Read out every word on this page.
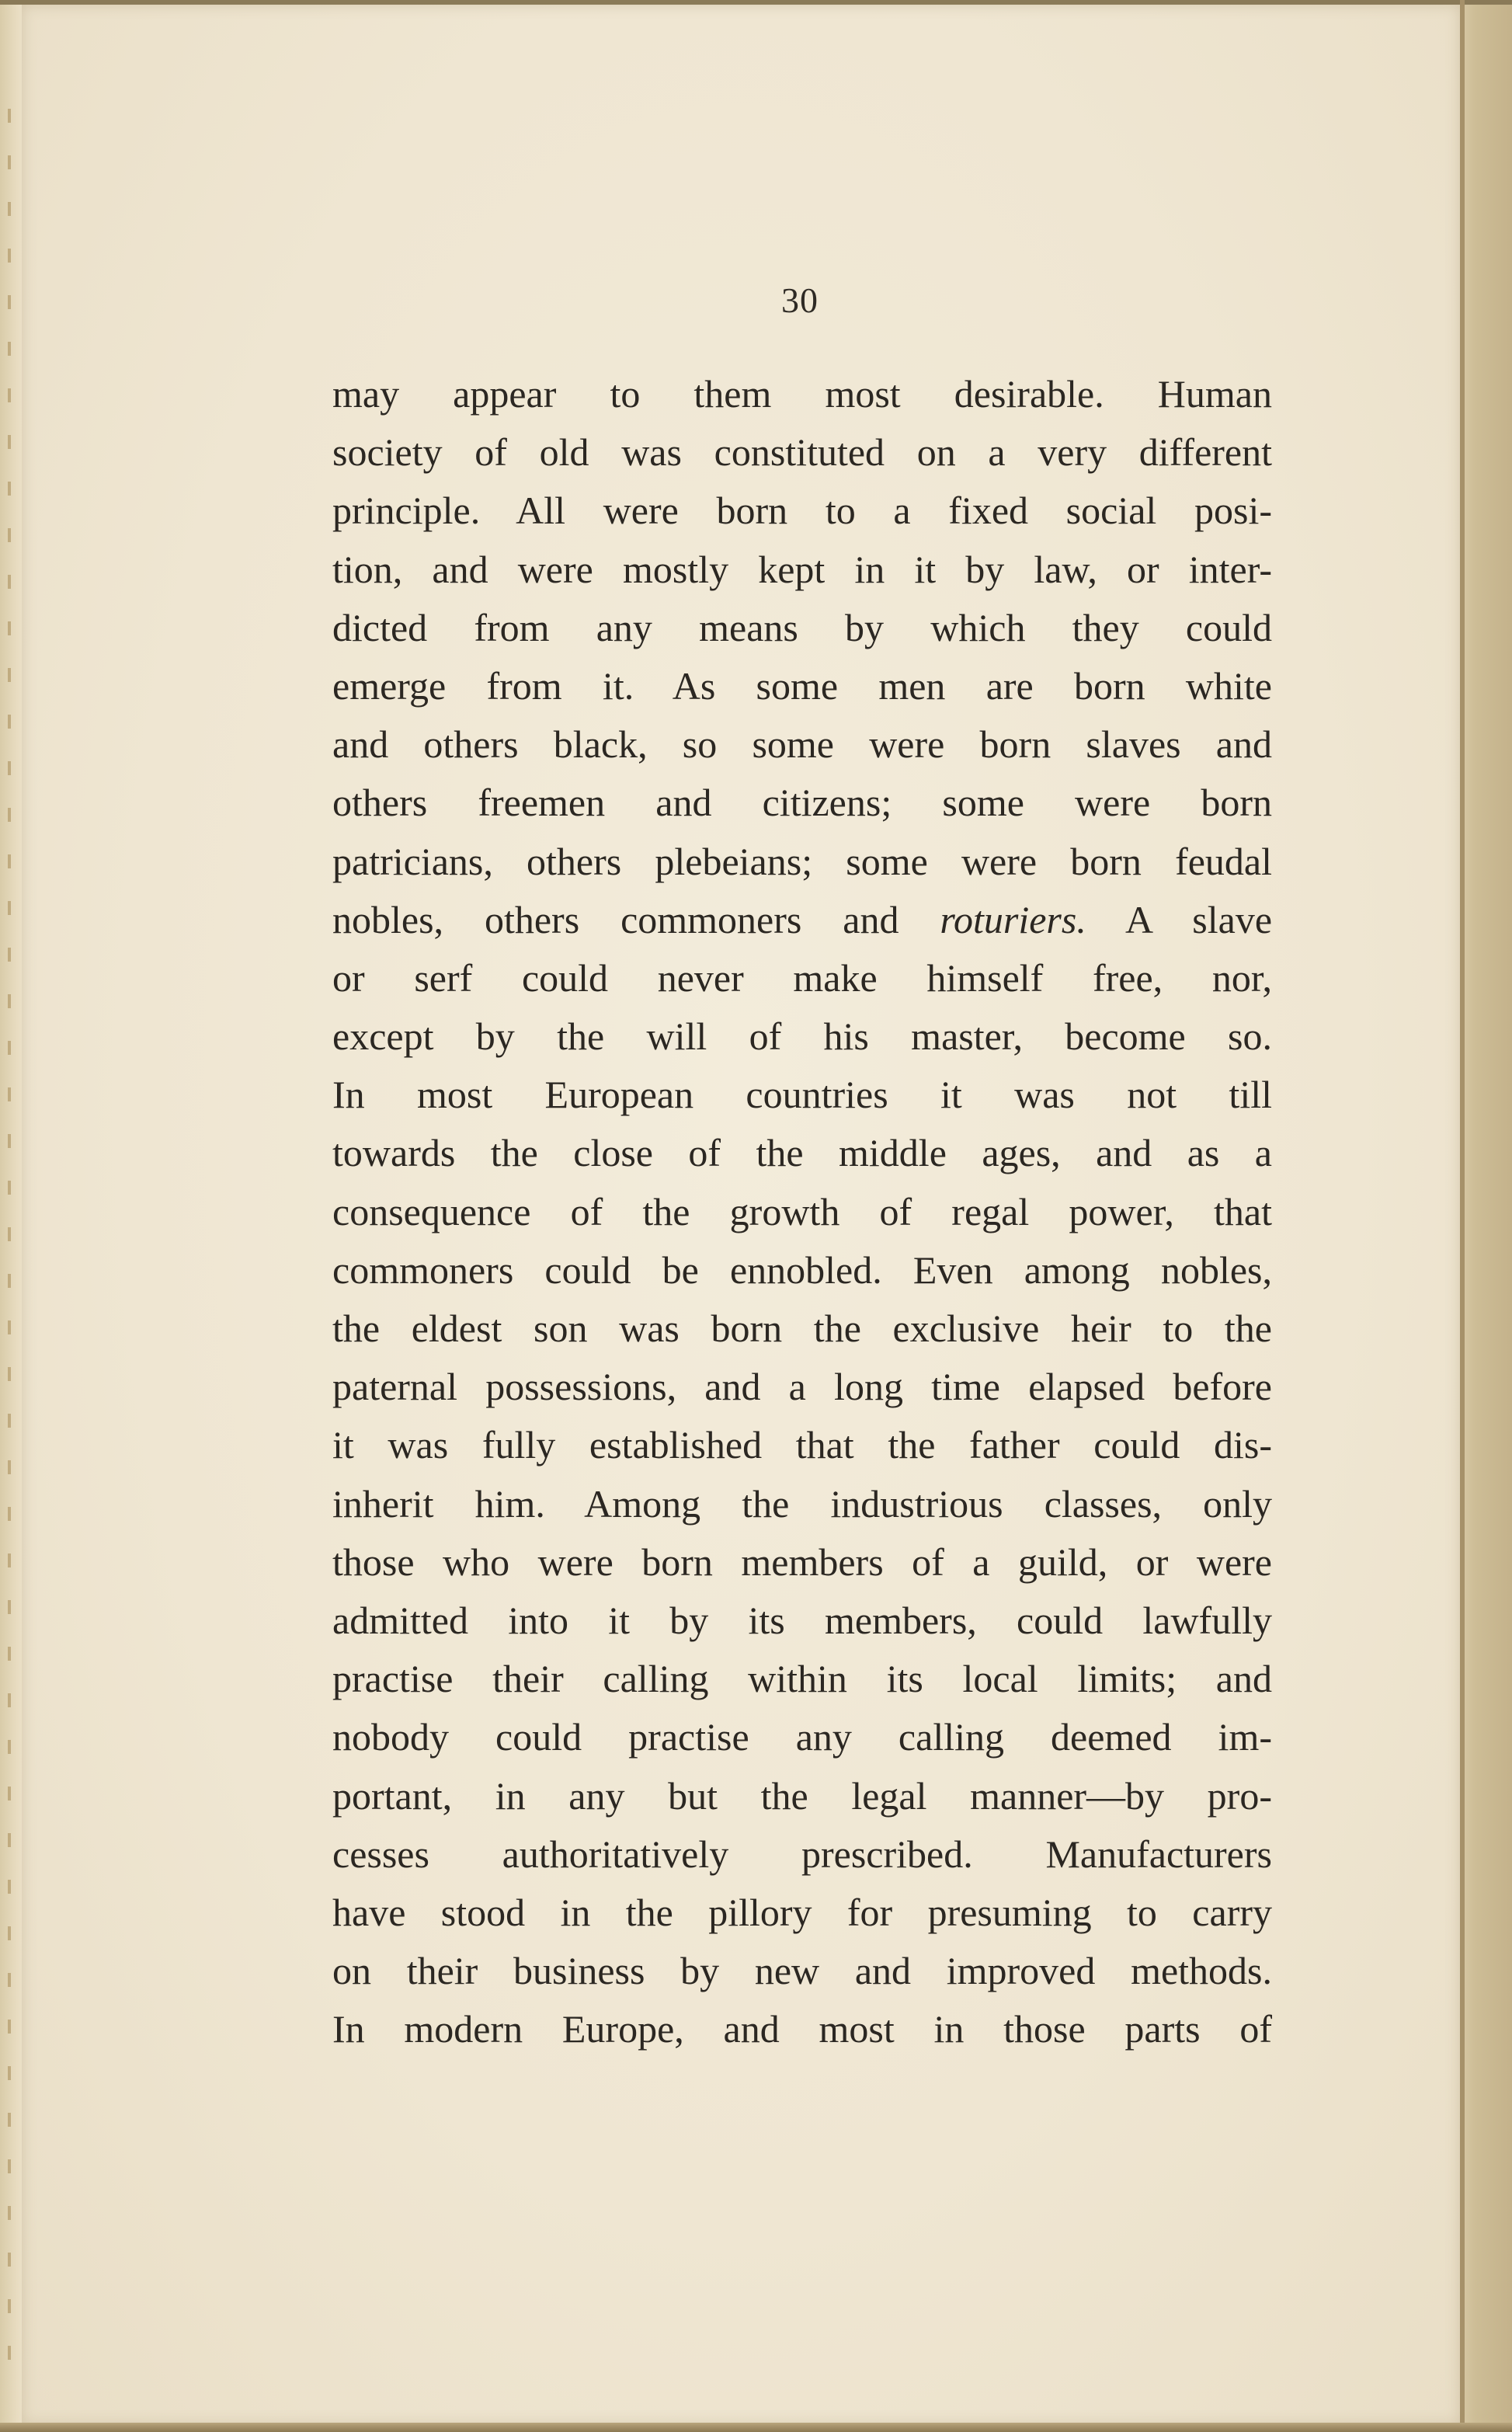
30
may appear to them most desirable. Human
society of old was constituted on a very different
principle. All were born to a fixed social posi-
tion, and were mostly kept in it by law, or inter-
dicted from any means by which they could
emerge from it. As some men are born white
and others black, so some were born slaves and
others freemen and citizens; some were born
patricians, others plebeians; some were born feudal
nobles, others commoners and roturiers. A slave
or serf could never make himself free, nor,
except by the will of his master, become so.
In most European countries it was not till
towards the close of the middle ages, and as a
consequence of the growth of regal power, that
commoners could be ennobled. Even among nobles,
the eldest son was born the exclusive heir to the
paternal possessions, and a long time elapsed before
it was fully established that the father could dis-
inherit him. Among the industrious classes, only
those who were born members of a guild, or were
admitted into it by its members, could lawfully
practise their calling within its local limits; and
nobody could practise any calling deemed im-
portant, in any but the legal manner—by pro-
cesses authoritatively prescribed. Manufacturers
have stood in the pillory for presuming to carry
on their business by new and improved methods.
In modern Europe, and most in those parts of
